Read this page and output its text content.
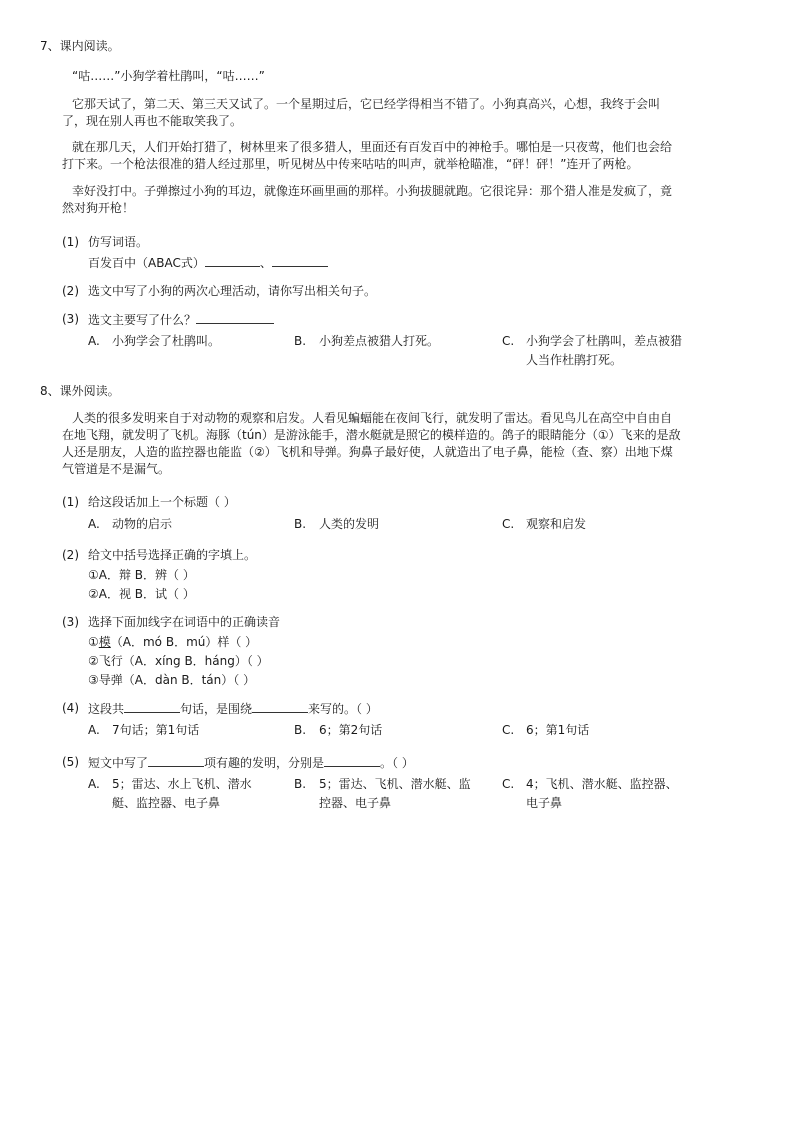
7、课内阅读。
“咕……”小狗学着杜鹃叫，“咕……”
它那天试了，第二天、第三天又试了。一个星期过后，它已经学得相当不错了。小狗真高兴，心想，我终于会叫
了，现在别人再也不能取笑我了。
就在那几天，人们开始打猎了，树林里来了很多猎人，里面还有百发百中的神枪手。哪怕是一只夜莺，他们也会给
打下来。一个枪法很准的猎人经过那里，听见树丛中传来咕咕的叫声，就举枪瞄准，“砰！砰！”连开了两枪。
幸好没打中。子弹擦过小狗的耳边，就像连环画里画的那样。小狗拔腿就跑。它很诧异：那个猎人准是发疯了，竟
然对狗开枪！
(1) 仿写词语。
百发百中（ABAC式）	、
(2) 选文中写了小狗的两次心理活动，请你写出相关句子。
(3) 选文主要写了什么？
A. 小狗学会了杜鹃叫。	B. 小狗差点被猎人打死。	C. 小狗学会了杜鹃叫，差点被猎
人当作杜鹃打死。
8、课外阅读。
人类的很多发明来自于对动物的观察和启发。人看见蝙蝠能在夜间飞行，就发明了雷达。看见鸟儿在高空中自由自
在地飞翔，就发明了飞机。海豚（tún）是游泳能手，潜水艇就是照它的模样造的。鸽子的眼睛能分（①）飞来的是敌
人还是朋友，人造的监控器也能监（②）飞机和导弹。狗鼻子最好使，人就造出了电子鼻，能检（查、察）出地下煤
气管道是不是漏气。
(1) 给这段话加上一个标题（ ）
A. 动物的启示	B. 人类的发明	C. 观察和启发
(2) 给文中括号选择正确的字填上。
①A．辩 B．辨（ ）
②A．视 B．试（ ）
(3) 选择下面加线字在词语中的正确读音
①模（A．mó B．mú）样（ ）
②飞行（A．xíng B．háng）（ ）
③导弹（A．dàn B．tán）（ ）
(4) 这段共	句话，是围绕	来写的。（ ）
A. 7句话；第1句话	B. 6；第2句话	C. 6；第1句话
(5) 短文中写了	项有趣的发明，分别是	。（ ）
A. 5；雷达、水上飞机、潜水
艇、监控器、电子鼻
B. 5；雷达、飞机、潜水艇、监
控器、电子鼻
C. 4；飞机、潜水艇、监控器、
电子鼻
